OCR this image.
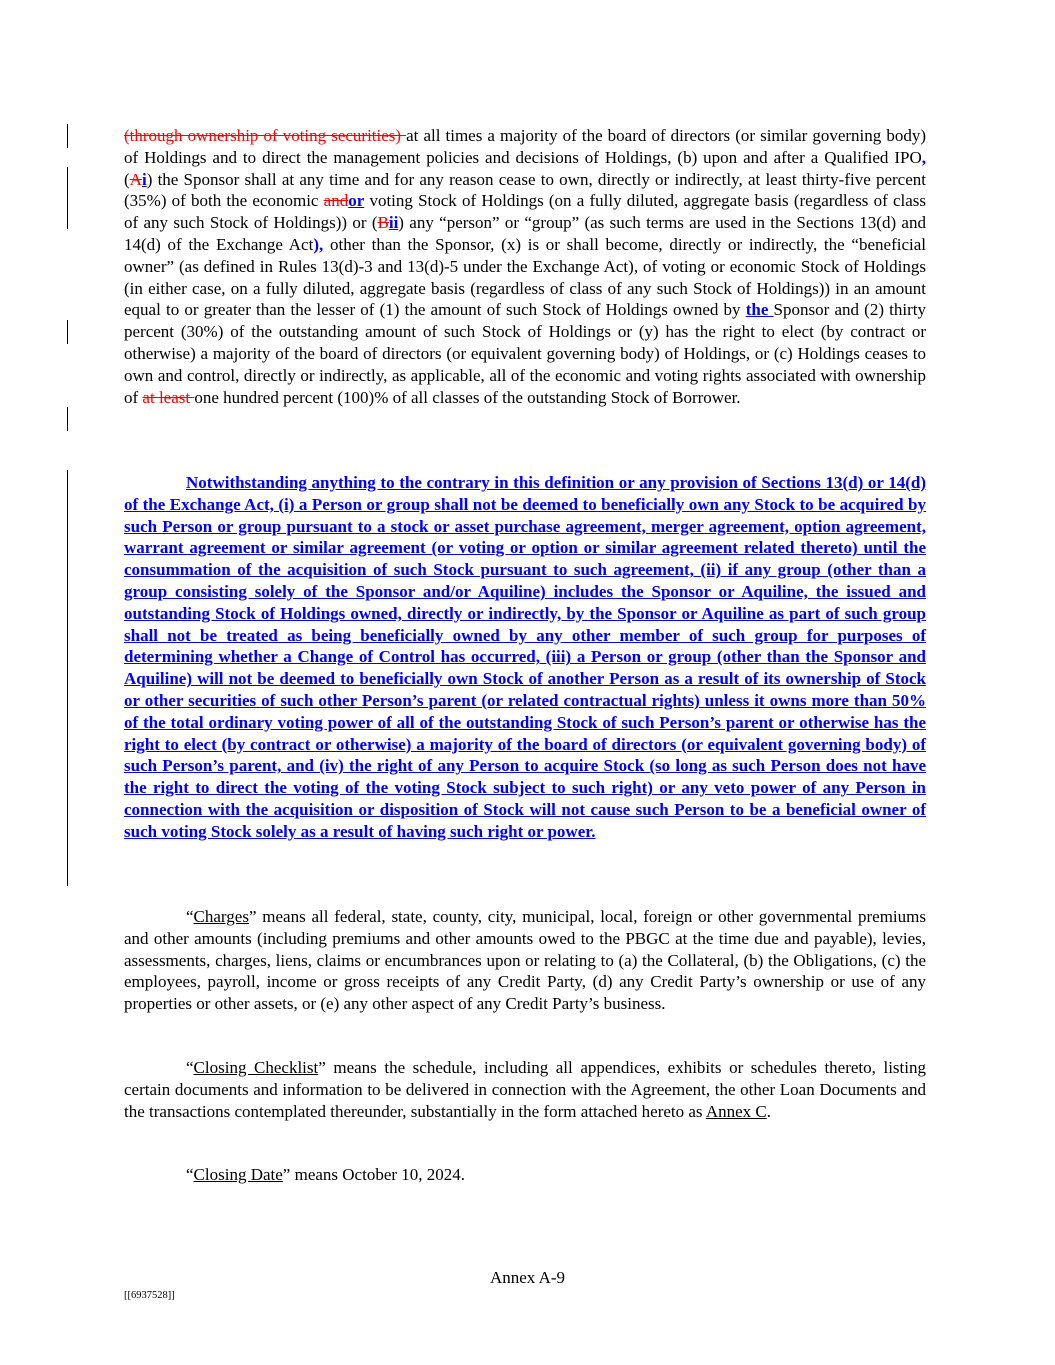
(through ownership of voting securities) at all times a majority of the board of directors (or similar governing body) of Holdings and to direct the management policies and decisions of Holdings, (b) upon and after a Qualified IPO, (Ai) the Sponsor shall at any time and for any reason cease to own, directly or indirectly, at least thirty-five percent (35%) of both the economic andor voting Stock of Holdings (on a fully diluted, aggregate basis (regardless of class of any such Stock of Holdings)) or (Bii) any “person” or “group” (as such terms are used in the Sections 13(d) and 14(d) of the Exchange Act), other than the Sponsor, (x) is or shall become, directly or indirectly, the “beneficial owner” (as defined in Rules 13(d)-3 and 13(d)-5 under the Exchange Act), of voting or economic Stock of Holdings (in either case, on a fully diluted, aggregate basis (regardless of class of any such Stock of Holdings)) in an amount equal to or greater than the lesser of (1) the amount of such Stock of Holdings owned by the Sponsor and (2) thirty percent (30%) of the outstanding amount of such Stock of Holdings or (y) has the right to elect (by contract or otherwise) a majority of the board of directors (or equivalent governing body) of Holdings, or (c) Holdings ceases to own and control, directly or indirectly, as applicable, all of the economic and voting rights associated with ownership of at least one hundred percent (100)% of all classes of the outstanding Stock of Borrower.

Notwithstanding anything to the contrary in this definition or any provision of Sections 13(d) or 14(d) of the Exchange Act, (i) a Person or group shall not be deemed to beneficially own any Stock to be acquired by such Person or group pursuant to a stock or asset purchase agreement, merger agreement, option agreement, warrant agreement or similar agreement (or voting or option or similar agreement related thereto) until the consummation of the acquisition of such Stock pursuant to such agreement, (ii) if any group (other than a group consisting solely of the Sponsor and/or Aquiline) includes the Sponsor or Aquiline, the issued and outstanding Stock of Holdings owned, directly or indirectly, by the Sponsor or Aquiline as part of such group shall not be treated as being beneficially owned by any other member of such group for purposes of determining whether a Change of Control has occurred, (iii) a Person or group (other than the Sponsor and Aquiline) will not be deemed to beneficially own Stock of another Person as a result of its ownership of Stock or other securities of such other Person’s parent (or related contractual rights) unless it owns more than 50% of the total ordinary voting power of all of the outstanding Stock of such Person’s parent or otherwise has the right to elect (by contract or otherwise) a majority of the board of directors (or equivalent governing body) of such Person’s parent, and (iv) the right of any Person to acquire Stock (so long as such Person does not have the right to direct the voting of the voting Stock subject to such right) or any veto power of any Person in connection with the acquisition or disposition of Stock will not cause such Person to be a beneficial owner of such voting Stock solely as a result of having such right or power.

“Charges” means all federal, state, county, city, municipal, local, foreign or other governmental premiums and other amounts (including premiums and other amounts owed to the PBGC at the time due and payable), levies, assessments, charges, liens, claims or encumbrances upon or relating to (a) the Collateral, (b) the Obligations, (c) the employees, payroll, income or gross receipts of any Credit Party, (d) any Credit Party’s ownership or use of any properties or other assets, or (e) any other aspect of any Credit Party’s business.

“Closing Checklist” means the schedule, including all appendices, exhibits or schedules thereto, listing certain documents and information to be delivered in connection with the Agreement, the other Loan Documents and the transactions contemplated thereunder, substantially in the form attached hereto as Annex C.

“Closing Date” means October 10, 2024.

Annex A-9
[[6937528]]
